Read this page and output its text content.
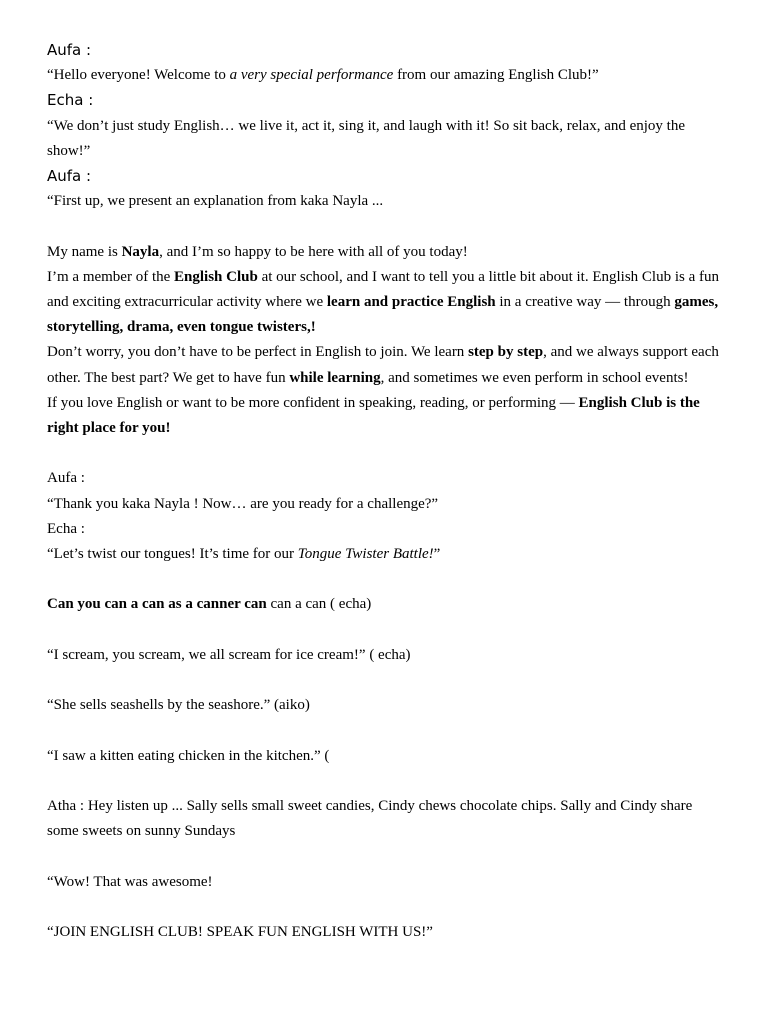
Aufa :

“Hello everyone! Welcome to a very special performance from our amazing English Club!”

Echa :

“We don’t just study English… we live it, act it, sing it, and laugh with it! So sit back, relax, and enjoy the show!”

Aufa :

“First up, we present an explanation from kaka Nayla ...

My name is Nayla, and I’m so happy to be here with all of you today!

I’m a member of the English Club at our school, and I want to tell you a little bit about it. English Club is a fun and exciting extracurricular activity where we learn and practice English in a creative way — through games, storytelling, drama, even tongue twisters,!

Don’t worry, you don’t have to be perfect in English to join. We learn step by step, and we always support each other. The best part? We get to have fun while learning, and sometimes we even perform in school events!

If you love English or want to be more confident in speaking, reading, or performing — English Club is the right place for you!

Aufa :

“Thank you kaka Nayla ! Now… are you ready for a challenge?”

Echa :

“Let’s twist our tongues! It’s time for our Tongue Twister Battle!”

Can you can a can as a canner can can a can ( echa)

“I scream, you scream, we all scream for ice cream!” ( echa)

“She sells seashells by the seashore.” (aiko)

“I saw a kitten eating chicken in the kitchen.” (

Atha : Hey listen up ... Sally sells small sweet candies, Cindy chews chocolate chips. Sally and Cindy share some sweets on sunny Sundays

“Wow! That was awesome!

“JOIN ENGLISH CLUB! SPEAK FUN ENGLISH WITH US!”
